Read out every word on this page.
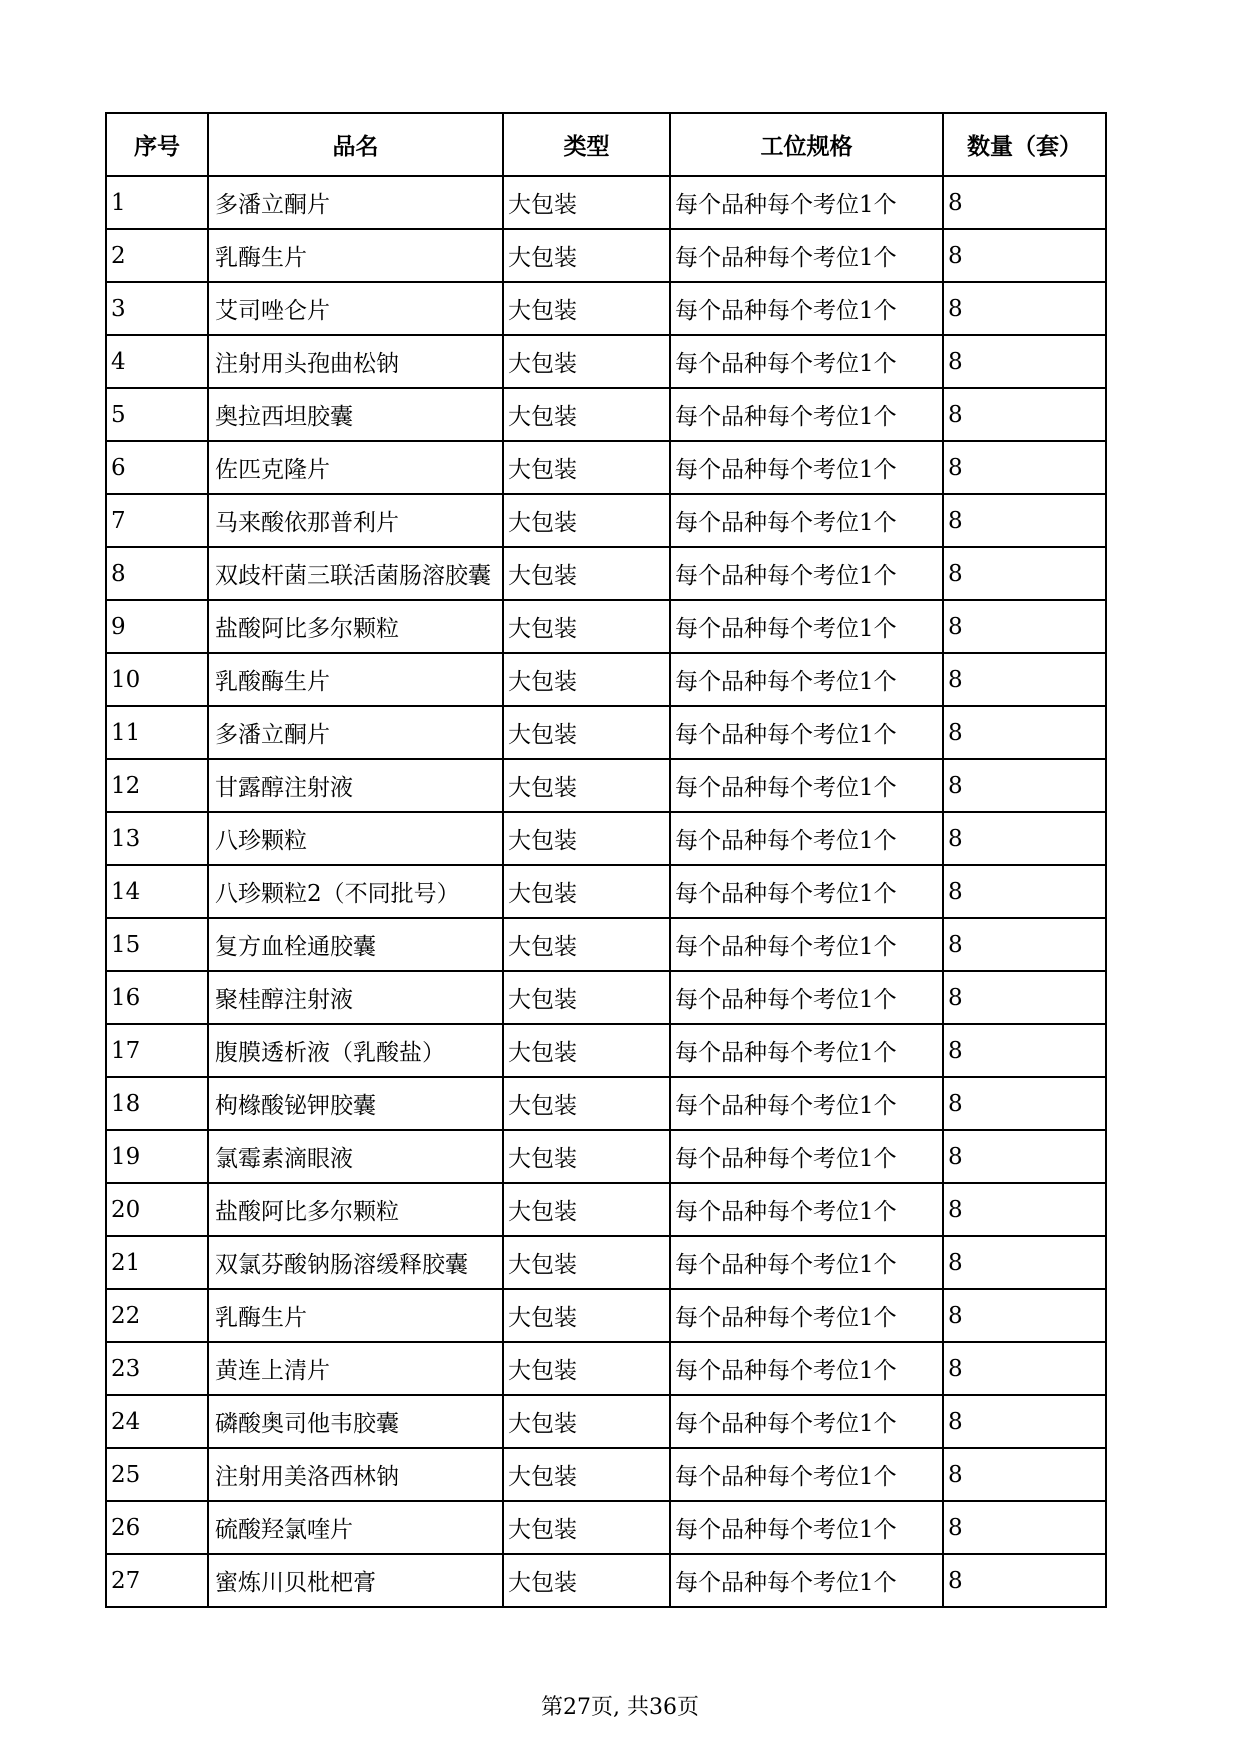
序号	品名	类型	工位规格	数量（套）
1	多潘立酮片	大包装	每个品种每个考位1个	8
2	乳酶生片	大包装	每个品种每个考位1个	8
3	艾司唑仑片	大包装	每个品种每个考位1个	8
4	注射用头孢曲松钠	大包装	每个品种每个考位1个	8
5	奥拉西坦胶囊	大包装	每个品种每个考位1个	8
6	佐匹克隆片	大包装	每个品种每个考位1个	8
7	马来酸依那普利片	大包装	每个品种每个考位1个	8
8	双歧杆菌三联活菌肠溶胶囊	大包装	每个品种每个考位1个	8
9	盐酸阿比多尔颗粒	大包装	每个品种每个考位1个	8
10	乳酸酶生片	大包装	每个品种每个考位1个	8
11	多潘立酮片	大包装	每个品种每个考位1个	8
12	甘露醇注射液	大包装	每个品种每个考位1个	8
13	八珍颗粒	大包装	每个品种每个考位1个	8
14	八珍颗粒2（不同批号）	大包装	每个品种每个考位1个	8
15	复方血栓通胶囊	大包装	每个品种每个考位1个	8
16	聚桂醇注射液	大包装	每个品种每个考位1个	8
17	腹膜透析液（乳酸盐）	大包装	每个品种每个考位1个	8
18	枸橼酸铋钾胶囊	大包装	每个品种每个考位1个	8
19	氯霉素滴眼液	大包装	每个品种每个考位1个	8
20	盐酸阿比多尔颗粒	大包装	每个品种每个考位1个	8
21	双氯芬酸钠肠溶缓释胶囊	大包装	每个品种每个考位1个	8
22	乳酶生片	大包装	每个品种每个考位1个	8
23	黄连上清片	大包装	每个品种每个考位1个	8
24	磷酸奥司他韦胶囊	大包装	每个品种每个考位1个	8
25	注射用美洛西林钠	大包装	每个品种每个考位1个	8
26	硫酸羟氯喹片	大包装	每个品种每个考位1个	8
27	蜜炼川贝枇杷膏	大包装	每个品种每个考位1个	8
第27页, 共36页
